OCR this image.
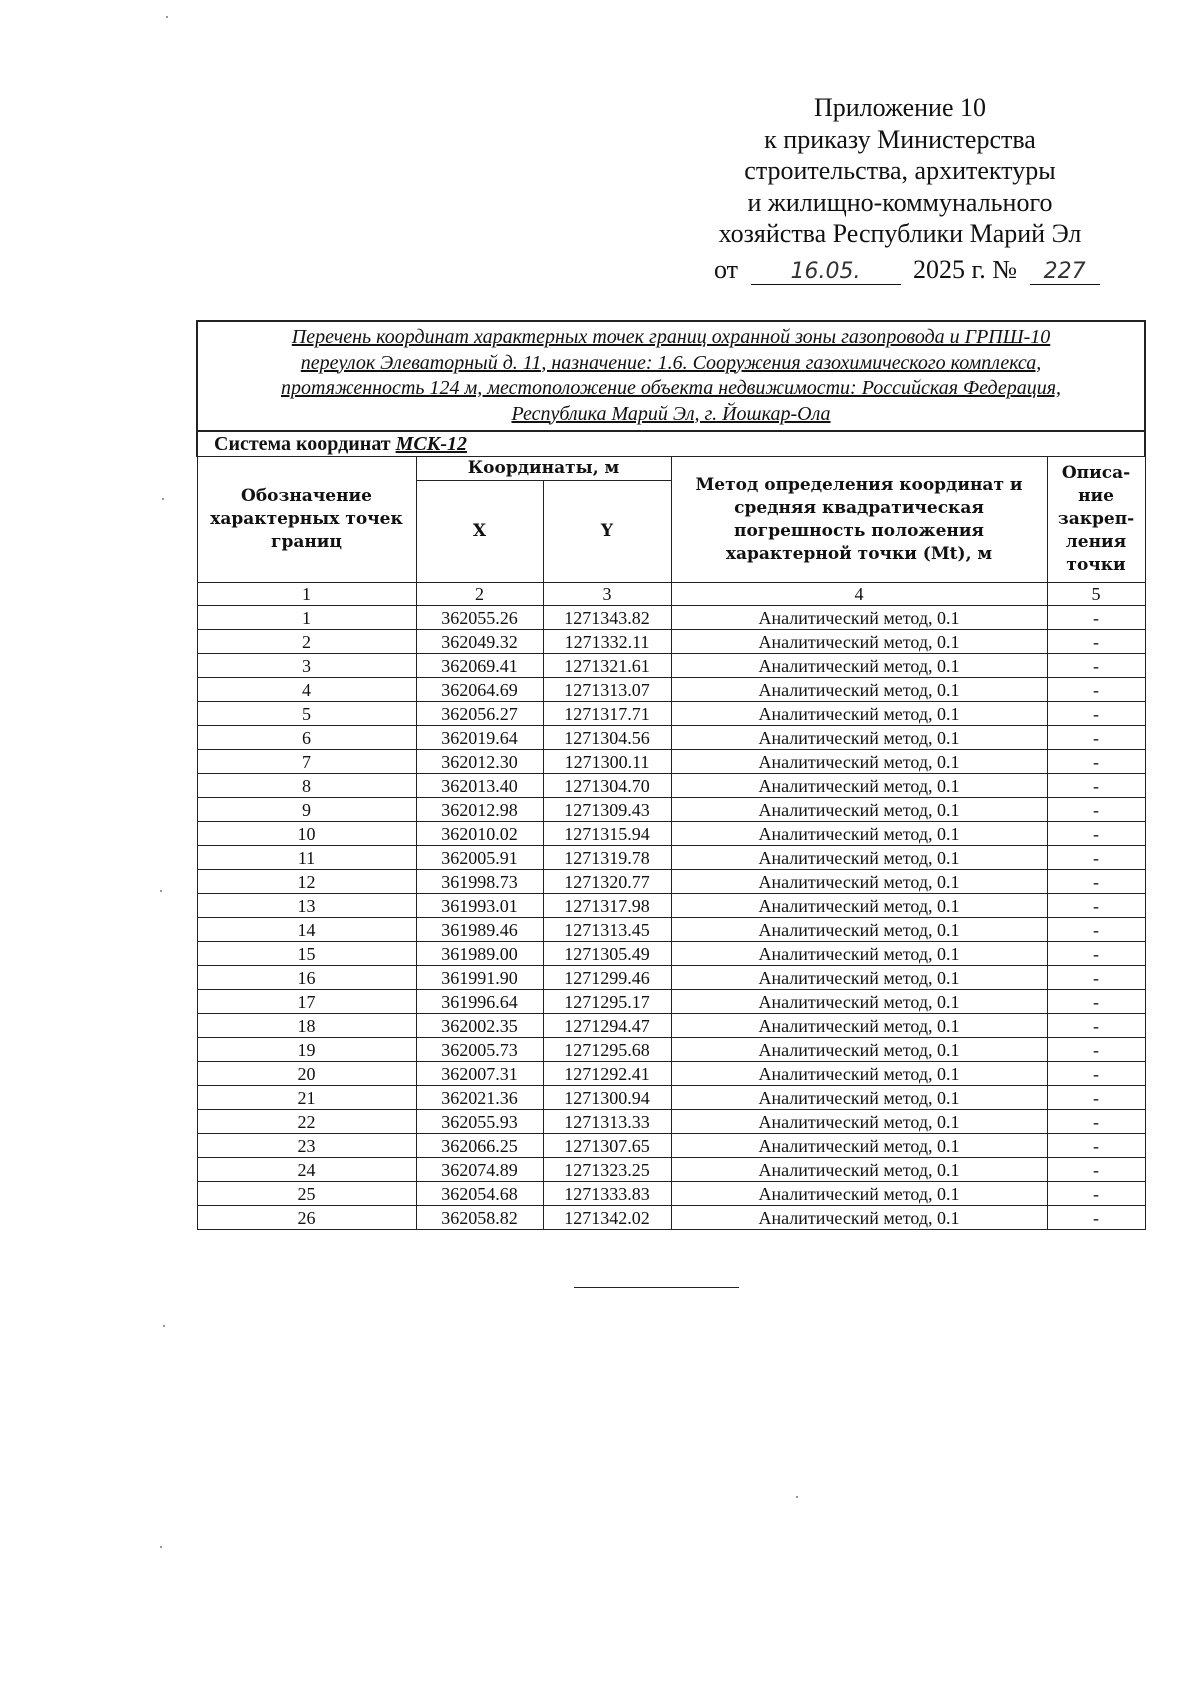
Приложение 10
к приказу Министерства
строительства, архитектуры
и жилищно-коммунального
хозяйства Республики Марий Эл
от 16.05. 2025 г. № 227
Перечень координат характерных точек границ охранной зоны газопровода и ГРПШ-10
переулок Элеваторный д. 11, назначение: 1.6. Сооружения газохимического комплекса,
протяженность 124 м, местоположение объекта недвижимости: Российская Федерация,
Республика Марий Эл, г. Йошкар-Ола				

Система координат МСК-12				
Обозначение характерных точек границ	Координаты, м		Метод определения координат и средняя квадратическая погрешность положения характерной точки (Mt), м	Описа-ние закреп-ления точки
	X	Y		
1	2	3	4	5
1	362055.26	1271343.82	Аналитический метод, 0.1	-
2	362049.32	1271332.11	Аналитический метод, 0.1	-
3	362069.41	1271321.61	Аналитический метод, 0.1	-
4	362064.69	1271313.07	Аналитический метод, 0.1	-
5	362056.27	1271317.71	Аналитический метод, 0.1	-
6	362019.64	1271304.56	Аналитический метод, 0.1	-
7	362012.30	1271300.11	Аналитический метод, 0.1	-
8	362013.40	1271304.70	Аналитический метод, 0.1	-
9	362012.98	1271309.43	Аналитический метод, 0.1	-
10	362010.02	1271315.94	Аналитический метод, 0.1	-
11	362005.91	1271319.78	Аналитический метод, 0.1	-
12	361998.73	1271320.77	Аналитический метод, 0.1	-
13	361993.01	1271317.98	Аналитический метод, 0.1	-
14	361989.46	1271313.45	Аналитический метод, 0.1	-
15	361989.00	1271305.49	Аналитический метод, 0.1	-
16	361991.90	1271299.46	Аналитический метод, 0.1	-
17	361996.64	1271295.17	Аналитический метод, 0.1	-
18	362002.35	1271294.47	Аналитический метод, 0.1	-
19	362005.73	1271295.68	Аналитический метод, 0.1	-
20	362007.31	1271292.41	Аналитический метод, 0.1	-
21	362021.36	1271300.94	Аналитический метод, 0.1	-
22	362055.93	1271313.33	Аналитический метод, 0.1	-
23	362066.25	1271307.65	Аналитический метод, 0.1	-
24	362074.89	1271323.25	Аналитический метод, 0.1	-
25	362054.68	1271333.83	Аналитический метод, 0.1	-
26	362058.82	1271342.02	Аналитический метод, 0.1	-
